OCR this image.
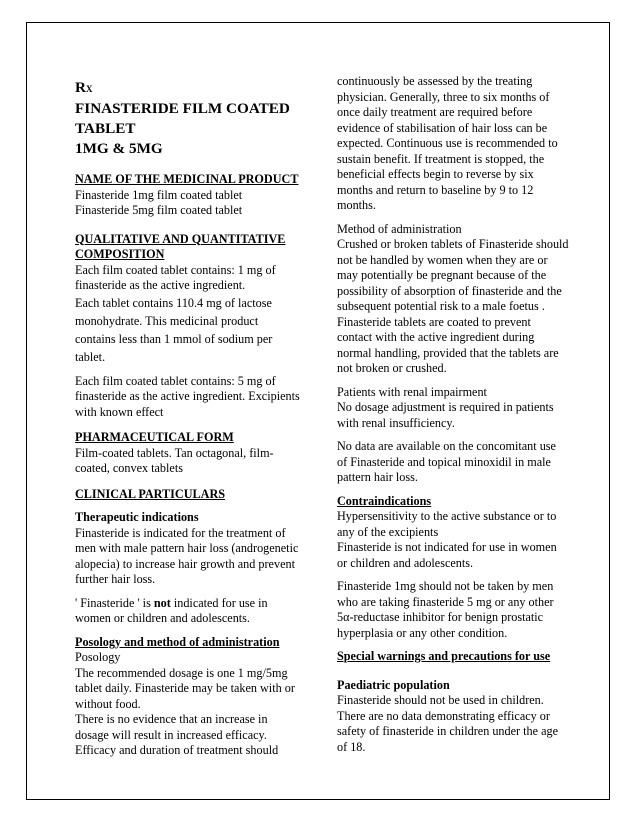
RX
FINASTERIDE FILM COATED
TABLET
1MG & 5MG

NAME OF THE MEDICINAL PRODUCT

Finasteride 1mg film coated tablet

Finasteride 5mg film coated tablet

QUALITATIVE AND QUANTITATIVE COMPOSITION

Each film coated tablet contains: 1 mg of finasteride as the active ingredient.

Each tablet contains 110.4 mg of lactose monohydrate. This medicinal product contains less than 1 mmol of sodium per tablet.

Each film coated tablet contains: 5 mg of finasteride as the active ingredient. Excipients with known effect

PHARMACEUTICAL FORM

Film-coated tablets. Tan octagonal, film-coated, convex tablets

CLINICAL PARTICULARS

Therapeutic indications

Finasteride is indicated for the treatment of men with male pattern hair loss (androgenetic alopecia) to increase hair growth and prevent further hair loss.

' Finasteride ' is not indicated for use in women or children and adolescents.

Posology and method of administration

Posology

The recommended dosage is one 1 mg/5mg tablet daily. Finasteride may be taken with or without food.

There is no evidence that an increase in dosage will result in increased efficacy. Efficacy and duration of treatment should

continuously be assessed by the treating physician. Generally, three to six months of once daily treatment are required before evidence of stabilisation of hair loss can be expected. Continuous use is recommended to sustain benefit. If treatment is stopped, the beneficial effects begin to reverse by six months and return to baseline by 9 to 12 months.

Method of administration

Crushed or broken tablets of Finasteride should not be handled by women when they are or may potentially be pregnant because of the possibility of absorption of finasteride and the subsequent potential risk to a male foetus . Finasteride tablets are coated to prevent contact with the active ingredient during normal handling, provided that the tablets are not broken or crushed.

Patients with renal impairment

No dosage adjustment is required in patients with renal insufficiency.

No data are available on the concomitant use of Finasteride and topical minoxidil in male pattern hair loss.

Contraindications

Hypersensitivity to the active substance or to any of the excipients

Finasteride is not indicated for use in women or children and adolescents.

Finasteride 1mg should not be taken by men who are taking finasteride 5 mg or any other 5α-reductase inhibitor for benign prostatic hyperplasia or any other condition.

Special warnings and precautions for use

Paediatric population

Finasteride should not be used in children. There are no data demonstrating efficacy or safety of finasteride in children under the age of 18.
